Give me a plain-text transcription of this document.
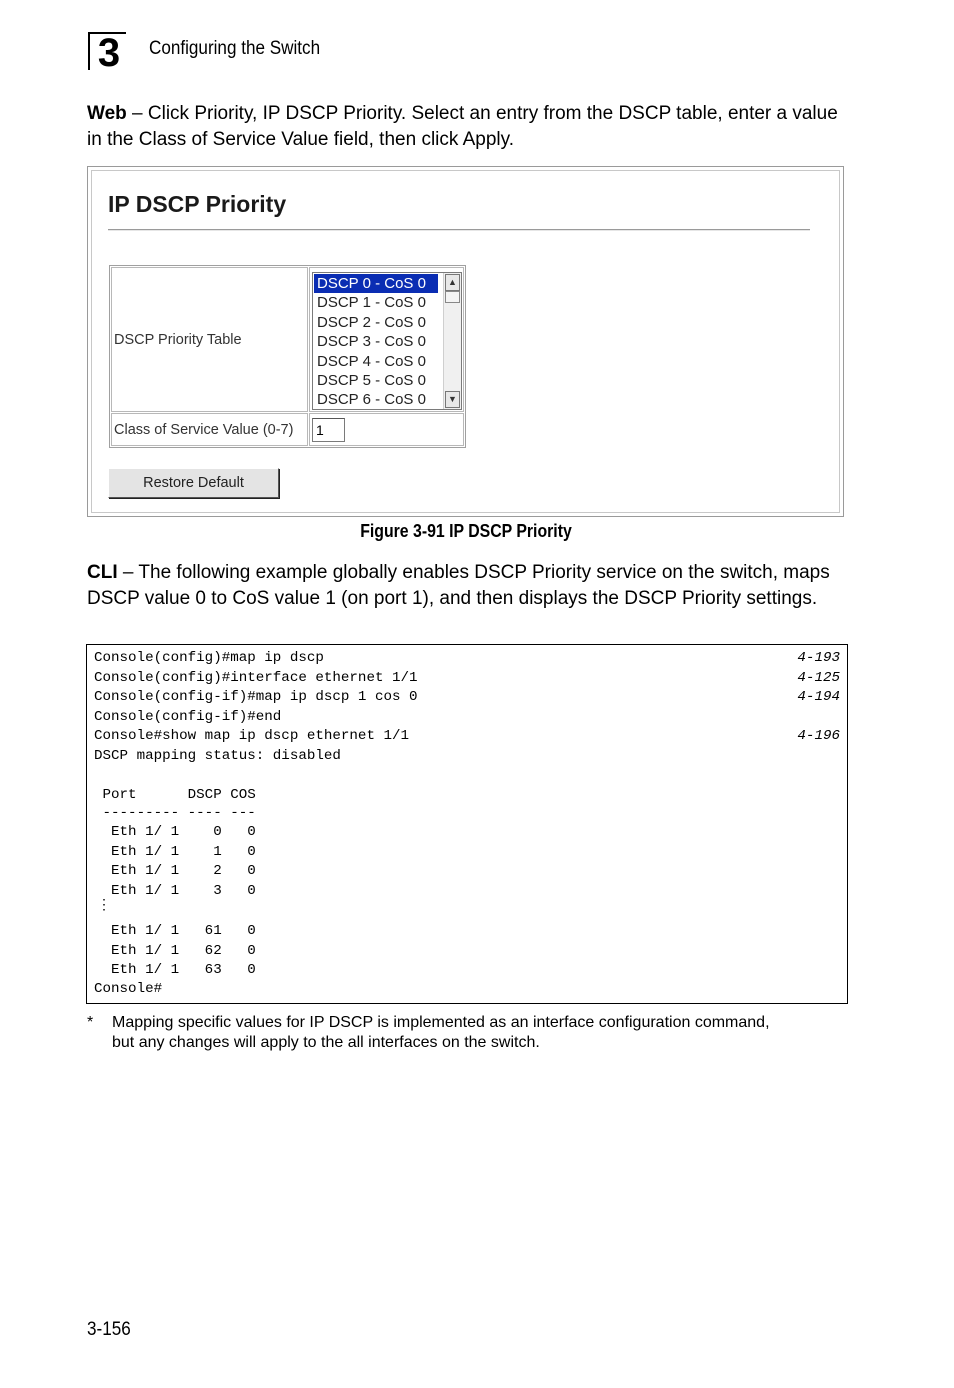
3	Configuring the Switch
Web – Click Priority, IP DSCP Priority. Select an entry from the DSCP table, enter a value in the Class of Service Value field, then click Apply.
IP DSCP Priority
DSCP Priority Table
DSCP 0 - CoS 0
DSCP 1 - CoS 0
DSCP 2 - CoS 0
DSCP 3 - CoS 0
DSCP 4 - CoS 0
DSCP 5 - CoS 0
DSCP 6 - CoS 0
▲
▼
Class of Service Value (0-7)
1
Restore Default
Figure 3-91 IP DSCP Priority
CLI – The following example globally enables DSCP Priority service on the switch, maps DSCP value 0 to CoS value 1 (on port 1), and then displays the DSCP Priority settings.
Console(config)#map ip dscp	4-193
Console(config)#interface ethernet 1/1	4-125
Console(config-if)#map ip dscp 1 cos 0	4-194
Console(config-if)#end
Console#show map ip dscp ethernet 1/1	4-196
DSCP mapping status: disabled
Port      DSCP COS
--------- ---- ---
Eth 1/ 1    0   0
Eth 1/ 1    1   0
Eth 1/ 1    2   0
Eth 1/ 1    3   0
Eth 1/ 1   61   0
Eth 1/ 1   62   0
Eth 1/ 1   63   0
Console#
⋮
* Mapping specific values for IP DSCP is implemented as an interface configuration command, but any changes will apply to the all interfaces on the switch.
3-156
